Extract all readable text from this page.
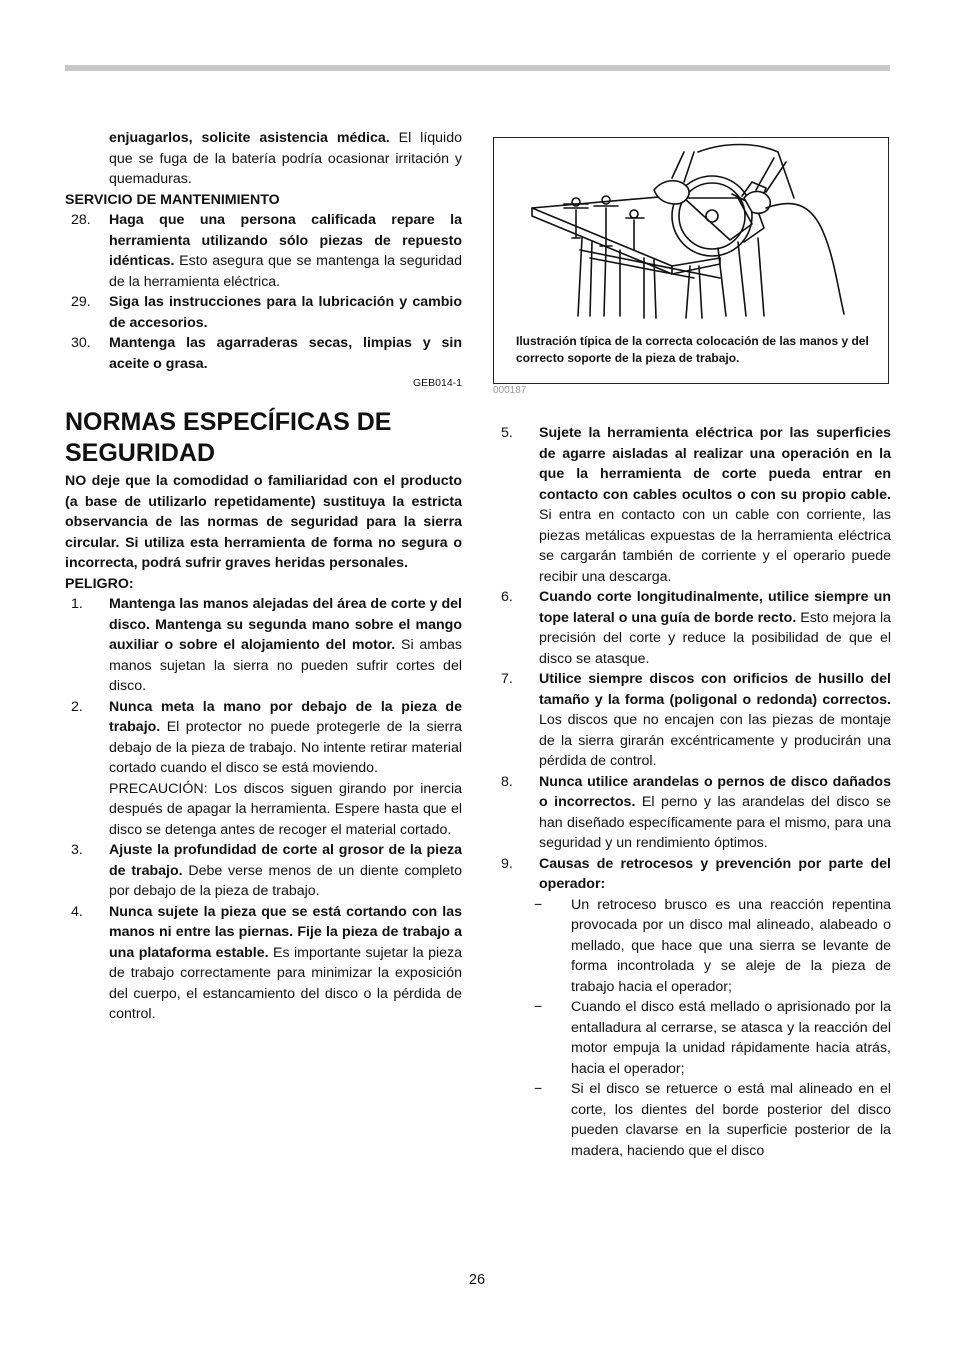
enjuagarlos, solicite asistencia médica. El líquido que se fuga de la batería podría ocasionar irritación y quemaduras.
SERVICIO DE MANTENIMIENTO
28. Haga que una persona calificada repare la herramienta utilizando sólo piezas de repuesto idénticas. Esto asegura que se mantenga la seguridad de la herramienta eléctrica.
29. Siga las instrucciones para la lubricación y cambio de accesorios.
30. Mantenga las agarraderas secas, limpias y sin aceite o grasa.
GEB014-1
NORMAS ESPECÍFICAS DE SEGURIDAD
NO deje que la comodidad o familiaridad con el producto (a base de utilizarlo repetidamente) sustituya la estricta observancia de las normas de seguridad para la sierra circular. Si utiliza esta herramienta de forma no segura o incorrecta, podrá sufrir graves heridas personales.
PELIGRO:
1. Mantenga las manos alejadas del área de corte y del disco. Mantenga su segunda mano sobre el mango auxiliar o sobre el alojamiento del motor. Si ambas manos sujetan la sierra no pueden sufrir cortes del disco.
2. Nunca meta la mano por debajo de la pieza de trabajo. El protector no puede protegerle de la sierra debajo de la pieza de trabajo. No intente retirar material cortado cuando el disco se está moviendo.
PRECAUCIÓN: Los discos siguen girando por inercia después de apagar la herramienta. Espere hasta que el disco se detenga antes de recoger el material cortado.
3. Ajuste la profundidad de corte al grosor de la pieza de trabajo. Debe verse menos de un diente completo por debajo de la pieza de trabajo.
4. Nunca sujete la pieza que se está cortando con las manos ni entre las piernas. Fije la pieza de trabajo a una plataforma estable. Es importante sujetar la pieza de trabajo correctamente para minimizar la exposición del cuerpo, el estancamiento del disco o la pérdida de control.
Ilustración típica de la correcta colocación de las manos y del correcto soporte de la pieza de trabajo.
000187
5. Sujete la herramienta eléctrica por las superficies de agarre aisladas al realizar una operación en la que la herramienta de corte pueda entrar en contacto con cables ocultos o con su propio cable. Si entra en contacto con un cable con corriente, las piezas metálicas expuestas de la herramienta eléctrica se cargarán también de corriente y el operario puede recibir una descarga.
6. Cuando corte longitudinalmente, utilice siempre un tope lateral o una guía de borde recto. Esto mejora la precisión del corte y reduce la posibilidad de que el disco se atasque.
7. Utilice siempre discos con orificios de husillo del tamaño y la forma (poligonal o redonda) correctos. Los discos que no encajen con las piezas de montaje de la sierra girarán excéntricamente y producirán una pérdida de control.
8. Nunca utilice arandelas o pernos de disco dañados o incorrectos. El perno y las arandelas del disco se han diseñado específicamente para el mismo, para una seguridad y un rendimiento óptimos.
9. Causas de retrocesos y prevención por parte del operador:
− Un retroceso brusco es una reacción repentina provocada por un disco mal alineado, alabeado o mellado, que hace que una sierra se levante de forma incontrolada y se aleje de la pieza de trabajo hacia el operador;
− Cuando el disco está mellado o aprisionado por la entalladura al cerrarse, se atasca y la reacción del motor empuja la unidad rápidamente hacia atrás, hacia el operador;
− Si el disco se retuerce o está mal alineado en el corte, los dientes del borde posterior del disco pueden clavarse en la superficie posterior de la madera, haciendo que el disco
26
